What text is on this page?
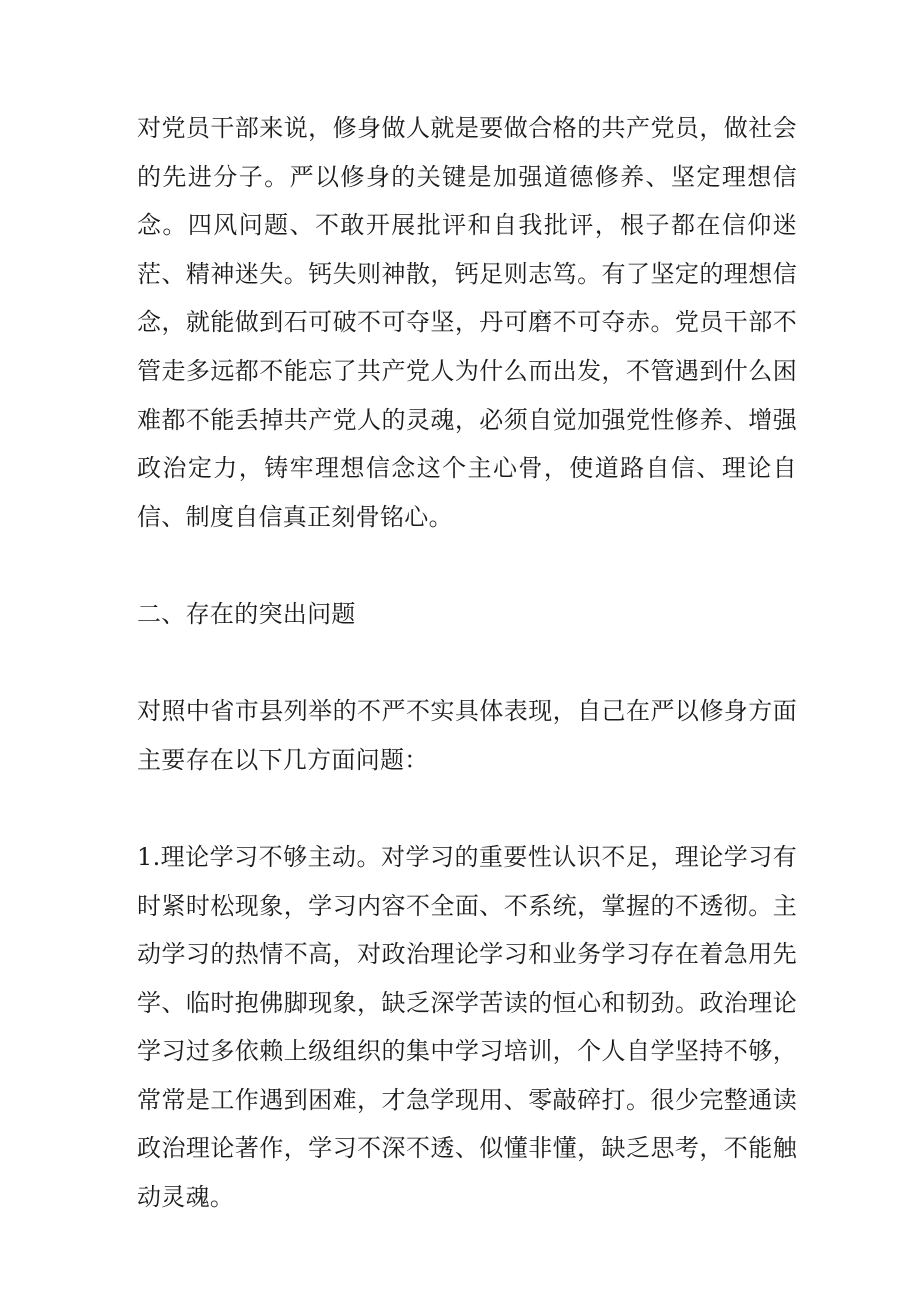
对党员干部来说，修身做人就是要做合格的共产党员，做社会的先进分子。严以修身的关键是加强道德修养、坚定理想信念。四风问题、不敢开展批评和自我批评，根子都在信仰迷茫、精神迷失。钙失则神散，钙足则志笃。有了坚定的理想信念，就能做到石可破不可夺坚，丹可磨不可夺赤。党员干部不管走多远都不能忘了共产党人为什么而出发，不管遇到什么困难都不能丢掉共产党人的灵魂，必须自觉加强党性修养、增强政治定力，铸牢理想信念这个主心骨，使道路自信、理论自信、制度自信真正刻骨铭心。

二、存在的突出问题

对照中省市县列举的不严不实具体表现，自己在严以修身方面主要存在以下几方面问题：

1.理论学习不够主动。对学习的重要性认识不足，理论学习有时紧时松现象，学习内容不全面、不系统，掌握的不透彻。主动学习的热情不高，对政治理论学习和业务学习存在着急用先学、临时抱佛脚现象，缺乏深学苦读的恒心和韧劲。政治理论学习过多依赖上级组织的集中学习培训，个人自学坚持不够，常常是工作遇到困难，才急学现用、零敲碎打。很少完整通读政治理论著作，学习不深不透、似懂非懂，缺乏思考，不能触动灵魂。
